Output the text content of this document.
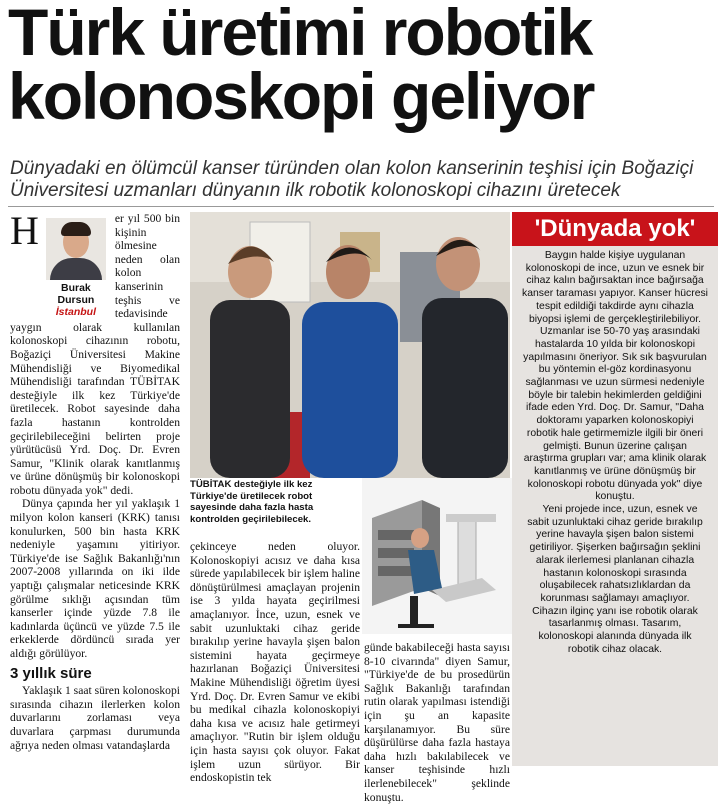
Türk üretimi robotik kolonoskopi geliyor
Dünyadaki en ölümcül kanser türünden olan kolon kanserinin teşhisi için Boğaziçi Üniversitesi uzmanları dünyanın ilk robotik kolonoskopi cihazını üretecek
H
Burak Dursun
İstanbul

er yıl 500 bin kişinin ölmesine neden olan kolon kanserinin teşhis ve tedavisinde yaygın olarak kullanılan kolonoskopi cihazının robotu, Boğaziçi Üniversitesi Makine Mühendisliği ve Biyomedikal Mühendisliği tarafından TÜBİTAK desteğiyle ilk kez Türkiye'de üretilecek. Robot sayesinde daha fazla hastanın kontrolden geçirilebileceğini belirten proje yürütücüsü Yrd. Doç. Dr. Evren Samur, "Klinik olarak kanıtlanmış ve ürüne dönüşmüş bir kolonoskopi robotu dünyada yok" dedi.

Dünya çapında her yıl yaklaşık 1 milyon kolon kanseri (KRK) tanısı konulurken, 500 bin hasta KRK nedeniyle yaşamını yitiriyor. Türkiye'de ise Sağlık Bakanlığı'nın 2007-2008 yıllarında on iki ilde yaptığı çalışmalar neticesinde KRK görülme sıklığı açısından tüm kanserler içinde yüzde 7.8 ile kadınlarda üçüncü ve yüzde 7.5 ile erkeklerde dördüncü sırada yer aldığı görülüyor.

3 yıllık süre

Yaklaşık 1 saat süren kolonoskopi sırasında cihazın ilerlerken kolon duvarlarını zorlaması veya duvarlara çarpması durumunda ağrıya neden olması vatandaşlarda

TÜBİTAK desteğiyle ilk kez Türkiye'de üretilecek robot sayesinde daha fazla hasta kontrolden geçirilebilecek.

çekinceye neden oluyor. Kolonoskopiyi acısız ve daha kısa sürede yapılabilecek bir işlem haline dönüştürülmesi amaçlayan projenin ise 3 yılda hayata geçirilmesi amaçlanıyor. İnce, uzun, esnek ve sabit uzunluktaki cihaz geride bırakılıp yerine havayla şişen balon sistemini hayata geçirmeye hazırlanan Boğaziçi Üniversitesi Makine Mühendisliği öğretim üyesi Yrd. Doç. Dr. Evren Samur ve ekibi bu medikal cihazla kolonoskopiyi daha kısa ve acısız hale getirmeyi amaçlıyor. "Rutin bir işlem olduğu için hasta sayısı çok oluyor. Fakat işlem uzun sürüyor. Bir endoskopistin tek

günde bakabileceği hasta sayısı 8-10 civarında" diyen Samur, "Türkiye'de de bu prosedürün Sağlık Bakanlığı tarafından rutin olarak yapılması istendiği için şu an kapasite karşılanamıyor. Bu süre düşürülürse daha fazla hastaya daha hızlı bakılabilecek ve kanser teşhisinde hızlı ilerlenebilecek" şeklinde konuştu.

'Dünyada yok'

Baygın halde kişiye uygulanan kolonoskopi de ince, uzun ve esnek bir cihaz kalın bağırsaktan ince bağırsağa kanser taraması yapıyor. Kanser hücresi tespit edildiği takdirde aynı cihazla biyopsi işlemi de gerçekleştirilebiliyor.

Uzmanlar ise 50-70 yaş arasındaki hastalarda 10 yılda bir kolonoskopi yapılmasını öneriyor. Sık sık başvurulan bu yöntemin el-göz kordinasyonu sağlanması ve uzun sürmesi nedeniyle böyle bir talebin hekimlerden geldiğini ifade eden Yrd. Doç. Dr. Samur, "Daha doktoramı yaparken kolonoskopiyi robotik hale getirmemizle ilgili bir öneri gelmişti. Bunun üzerine çalışan araştırma grupları var; ama klinik olarak kanıtlanmış ve ürüne dönüşmüş bir kolonoskopi robotu dünyada yok" diye konuştu.

Yeni projede ince, uzun, esnek ve sabit uzunluktaki cihaz geride bırakılıp yerine havayla şişen balon sistemi getiriliyor. Şişerken bağırsağın şeklini alarak ilerlemesi planlanan cihazla hastanın kolonoskopi sırasında oluşabilecek rahatsızlıklardan da korunması sağlamayı amaçlıyor. Cihazın ilginç yanı ise robotik olarak tasarlanmış olması. Tasarım, kolonoskopi alanında dünyada ilk robotik cihaz olacak.
